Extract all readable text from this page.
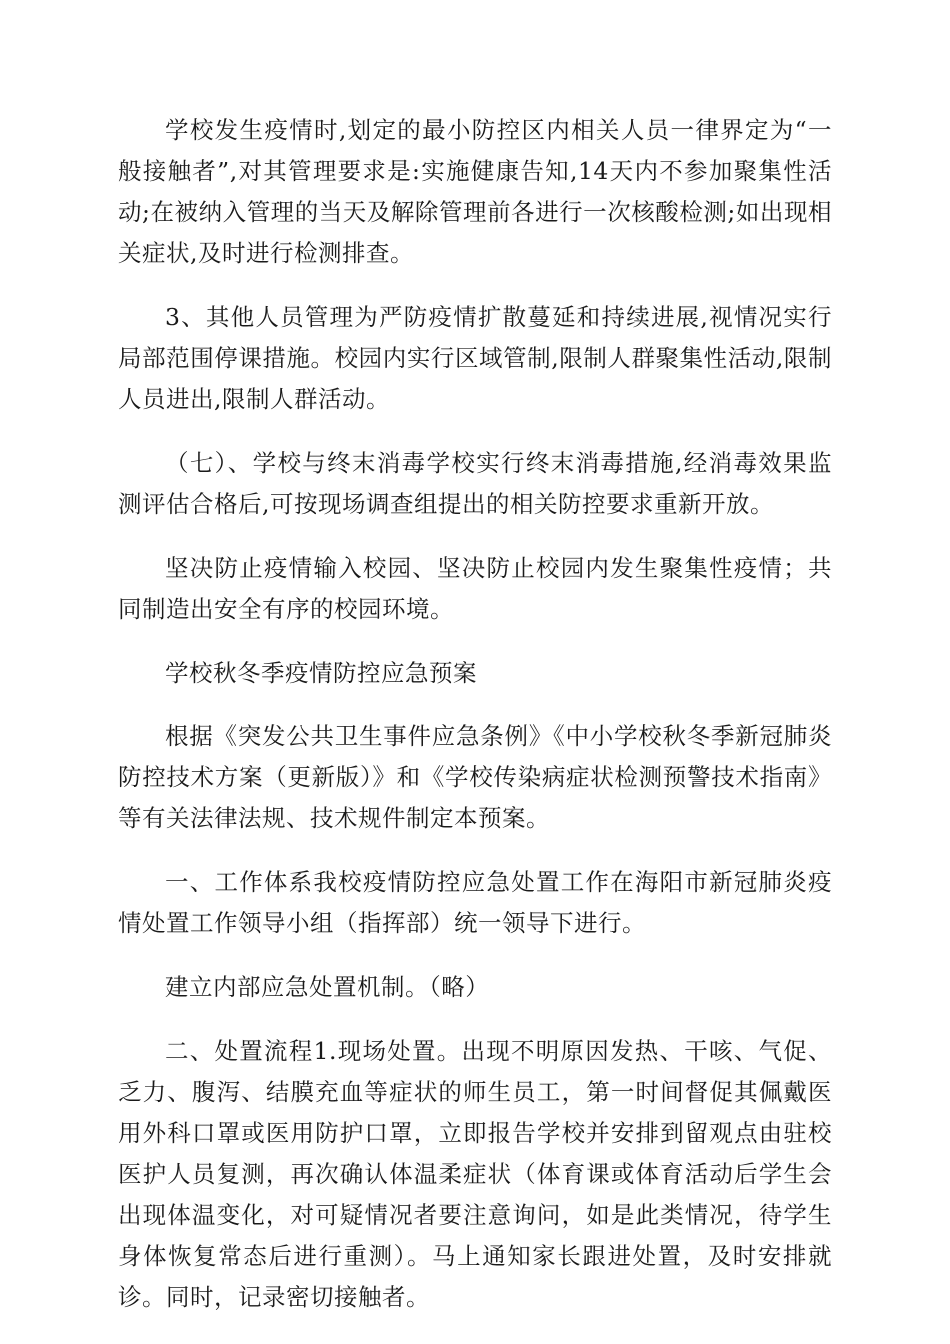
学校发生疫情时,划定的最小防控区内相关人员一律界定为“一般接触者”,对其管理要求是:实施健康告知,14天内不参加聚集性活动;在被纳入管理的当天及解除管理前各进行一次核酸检测;如出现相关症状,及时进行检测排查。

3、其他人员管理为严防疫情扩散蔓延和持续进展,视情况实行局部范围停课措施。校园内实行区域管制,限制人群聚集性活动,限制人员进出,限制人群活动。

（七）、学校与终末消毒学校实行终末消毒措施,经消毒效果监测评估合格后,可按现场调查组提出的相关防控要求重新开放。

坚决防止疫情输入校园、坚决防止校园内发生聚集性疫情；共同制造出安全有序的校园环境。

学校秋冬季疫情防控应急预案

根据《突发公共卫生事件应急条例》《中小学校秋冬季新冠肺炎防控技术方案（更新版）》和《学校传染病症状检测预警技术指南》等有关法律法规、技术规件制定本预案。

一、工作体系我校疫情防控应急处置工作在海阳市新冠肺炎疫情处置工作领导小组（指挥部）统一领导下进行。

建立内部应急处置机制。（略）

二、处置流程1.现场处置。出现不明原因发热、干咳、气促、乏力、腹泻、结膜充血等症状的师生员工，第一时间督促其佩戴医用外科口罩或医用防护口罩，立即报告学校并安排到留观点由驻校医护人员复测，再次确认体温柔症状（体育课或体育活动后学生会出现体温变化，对可疑情况者要注意询问，如是此类情况，待学生身体恢复常态后进行重测）。马上通知家长跟进处置，及时安排就诊。同时，记录密切接触者。
